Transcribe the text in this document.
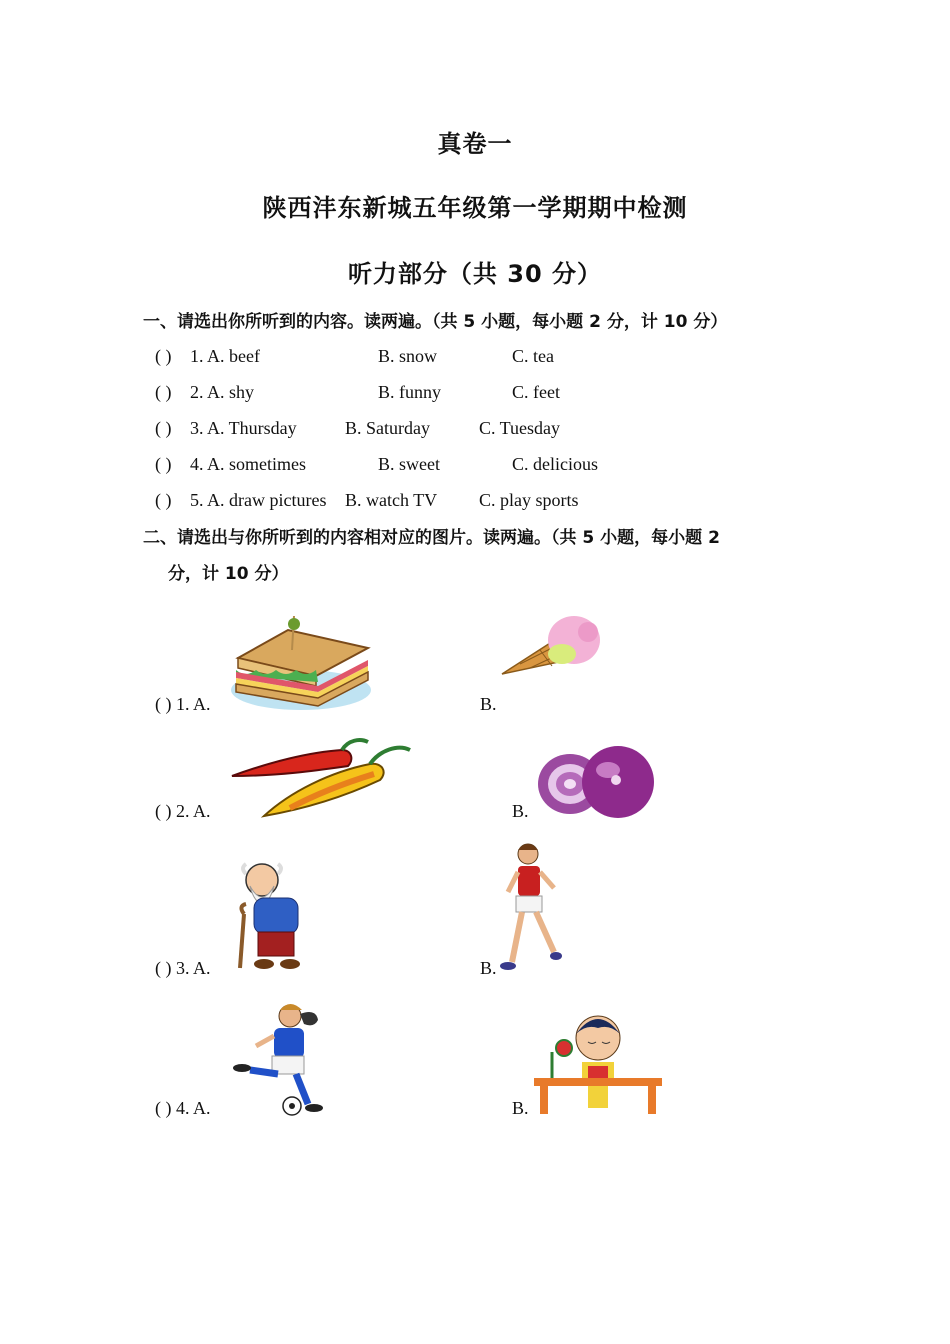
真卷一
陕西沣东新城五年级第一学期期中检测
听力部分（共 30 分）
一、请选出你所听到的内容。读两遍。（共 5 小题，每小题 2 分，计 10 分）
( ) 1. A. beef	B. snow	C. tea
( ) 2. A. shy	B. funny	C. feet
( ) 3. A. Thursday	B. Saturday	C. Tuesday
( ) 4. A. sometimes	B. sweet	C. delicious
( ) 5. A. draw pictures B. watch TV C. play sports
二、请选出与你所听到的内容相对应的图片。读两遍。（共 5 小题，每小题 2
分，计 10 分）
( ) 1. A.	B.
( ) 2. A.	B.
( ) 3. A.	B.
( ) 4. A.	B.
